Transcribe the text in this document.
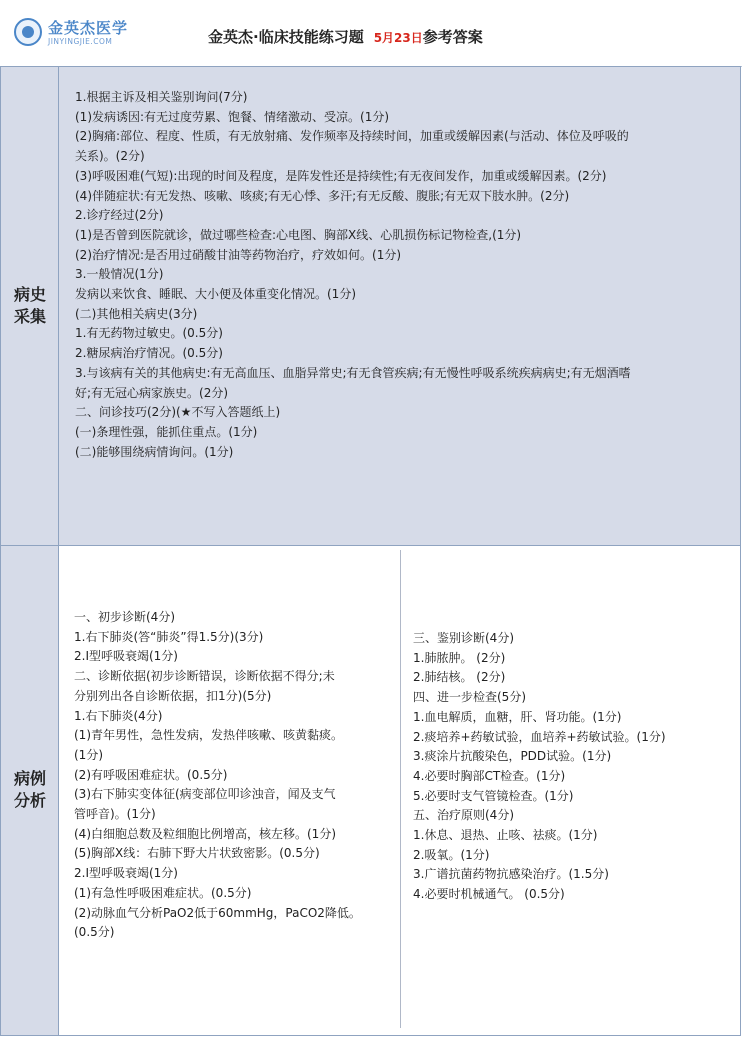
金英杰医学
JINYINGJIE.COM	金英杰·临床技能练习题 5月23日参考答案
病史
采集

1.根据主诉及相关鉴别询问(7分)

(1)发病诱因:有无过度劳累、饱餐、情绪激动、受凉。(1分)

(2)胸痛:部位、程度、性质，有无放射痛、发作频率及持续时间，加重或缓解因素(与活动、体位及呼吸的

关系)。(2分)

(3)呼吸困难(气短):出现的时间及程度，是阵发性还是持续性;有无夜间发作，加重或缓解因素。(2分)

(4)伴随症状:有无发热、咳嗽、咳痰;有无心悸、多汗;有无反酸、腹胀;有无双下肢水肿。(2分)

2.诊疗经过(2分)

(1)是否曾到医院就诊，做过哪些检查:心电图、胸部X线、心肌损伤标记物检查,(1分)

(2)治疗情况:是否用过硝酸甘油等药物治疗，疗效如何。(1分)

3.一般情况(1分)

发病以来饮食、睡眠、大小便及体重变化情况。(1分)

(二)其他相关病史(3分)

1.有无药物过敏史。(0.5分)

2.糖尿病治疗情况。(0.5分)

3.与该病有关的其他病史:有无高血压、血脂异常史;有无食管疾病;有无慢性呼吸系统疾病病史;有无烟酒嗜

好;有无冠心病家族史。(2分)

二、问诊技巧(2分)(★不写入答题纸上)

(一)条理性强，能抓住重点。(1分)

(二)能够围绕病情询问。(1分)

病例
分析

一、初步诊断(4分)

1.右下肺炎(答“肺炎”得1.5分)(3分)

2.I型呼吸衰竭(1分)

二、诊断依据(初步诊断错误，诊断依据不得分;未

分别列出各自诊断依据，扣1分)(5分)

1.右下肺炎(4分)

(1)青年男性，急性发病，发热伴咳嗽、咳黄黏痰。

(1分)

(2)有呼吸困难症状。(0.5分)

(3)右下肺实变体征(病变部位叩诊浊音，闻及支气

管呼音)。(1分)

(4)白细胞总数及粒细胞比例增高，核左移。(1分)

(5)胸部X线：右肺下野大片状致密影。(0.5分)

2.I型呼吸衰竭(1分)

(1)有急性呼吸困难症状。(0.5分)

(2)动脉血气分析PaO2低于60mmHg，PaCO2降低。

(0.5分)

三、鉴别诊断(4分)

1.肺脓肿。 (2分)

2.肺结核。 (2分)

四、进一步检查(5分)

1.血电解质，血糖，肝、肾功能。(1分)

2.痰培养+药敏试验，血培养+药敏试验。(1分)

3.痰涂片抗酸染色，PDD试验。(1分)

4.必要时胸部CT检查。(1分)

5.必要时支气管镜检查。(1分)

五、治疗原则(4分)

1.休息、退热、止咳、祛痰。(1分)

2.吸氧。(1分)

3.广谱抗菌药物抗感染治疗。(1.5分)

4.必要时机械通气。 (0.5分)
